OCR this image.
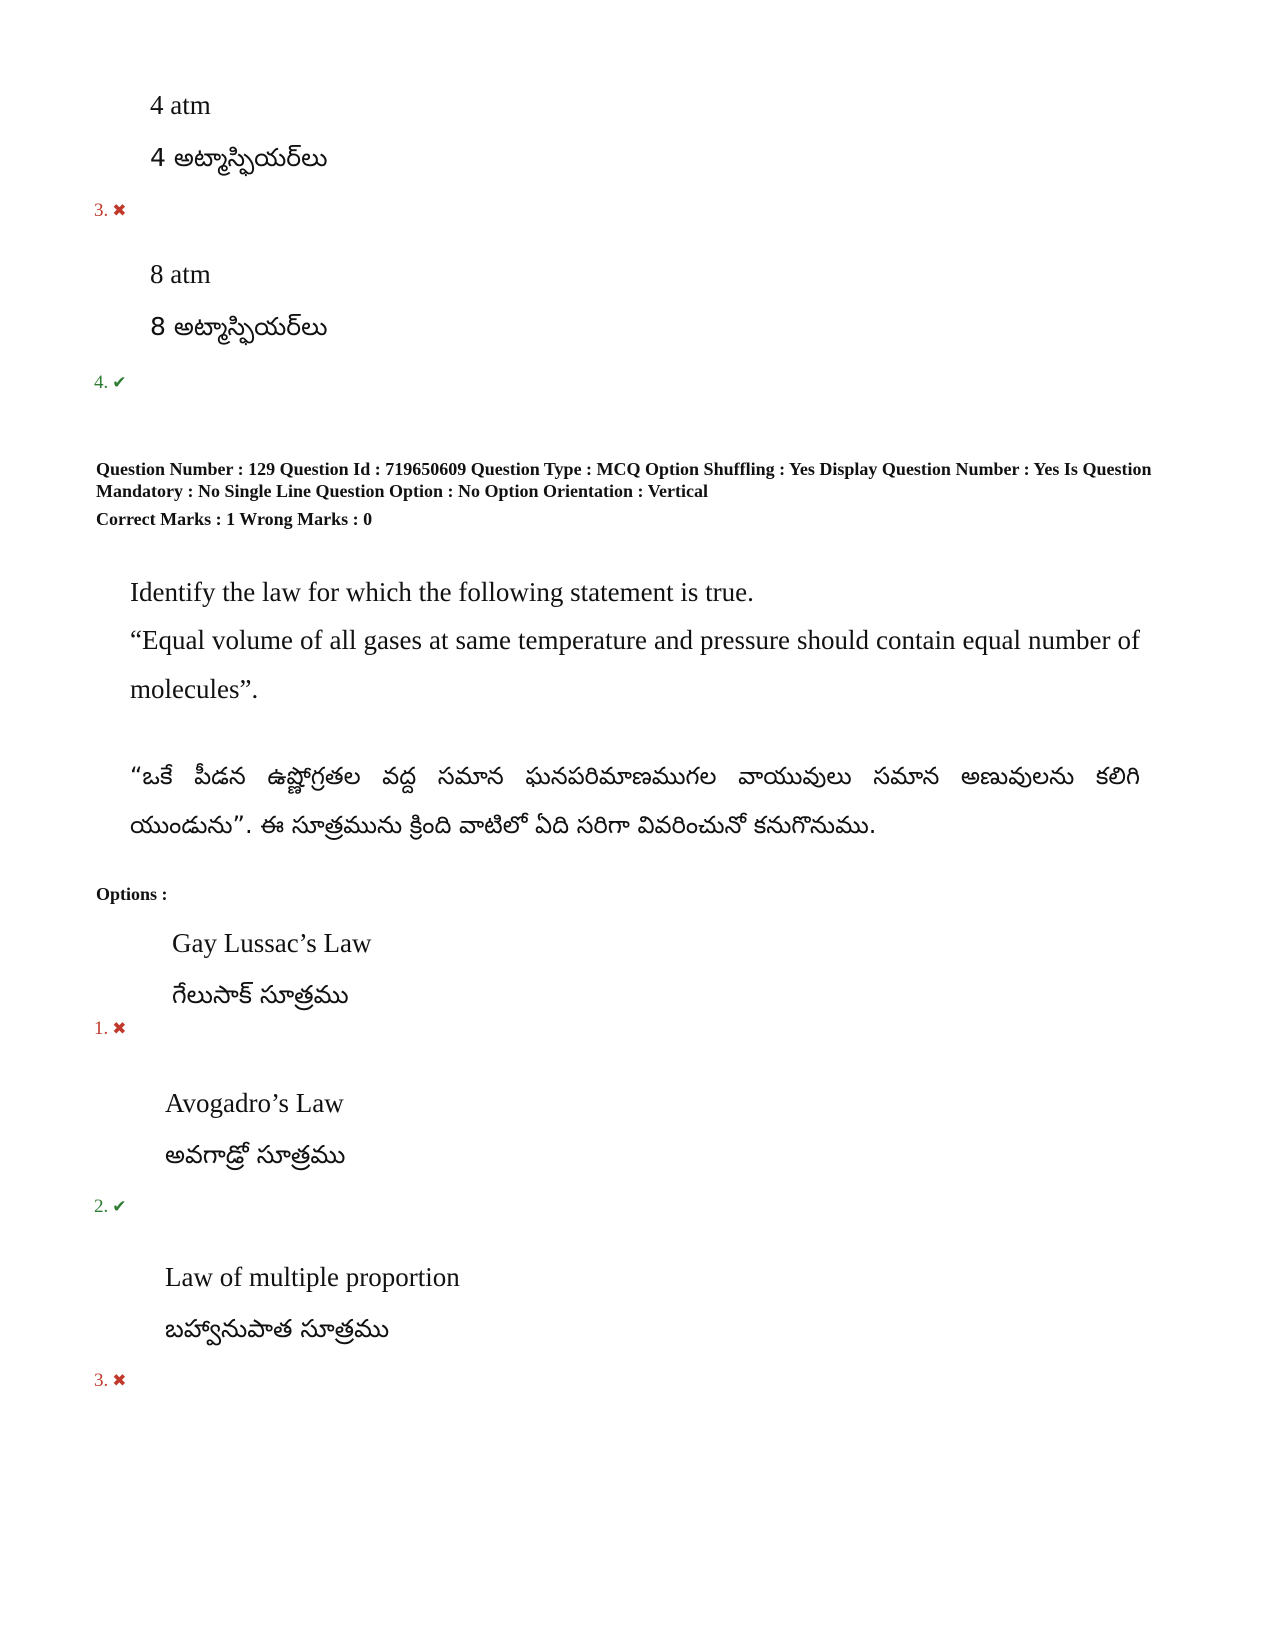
4 atm
4 అట్మాస్ఫియర్‌లు
3. ✖
8 atm
8 అట్మాస్ఫియర్‌లు
4. ✔
Question Number : 129 Question Id : 719650609 Question Type : MCQ Option Shuffling : Yes Display Question Number : Yes Is Question Mandatory : No Single Line Question Option : No Option Orientation : Vertical
Correct Marks : 1 Wrong Marks : 0
Identify the law for which the following statement is true.
“Equal volume of all gases at same temperature and pressure should contain equal number of molecules”.
“ఒకే పీడన ఉష్ణోగ్రతల వద్ద సమాన ఘనపరిమాణముగల వాయువులు సమాన అణువులను కలిగి యుండును”. ఈ సూత్రమును క్రింది వాటిలో ఏది సరిగా వివరించునో కనుగొనుము.
Options :
Gay Lussac’s Law
గేలుసాక్ సూత్రము
1. ✖
Avogadro’s Law
అవగాడ్రో సూత్రము
2. ✔
Law of multiple proportion
బహ్వానుపాత సూత్రము
3. ✖
